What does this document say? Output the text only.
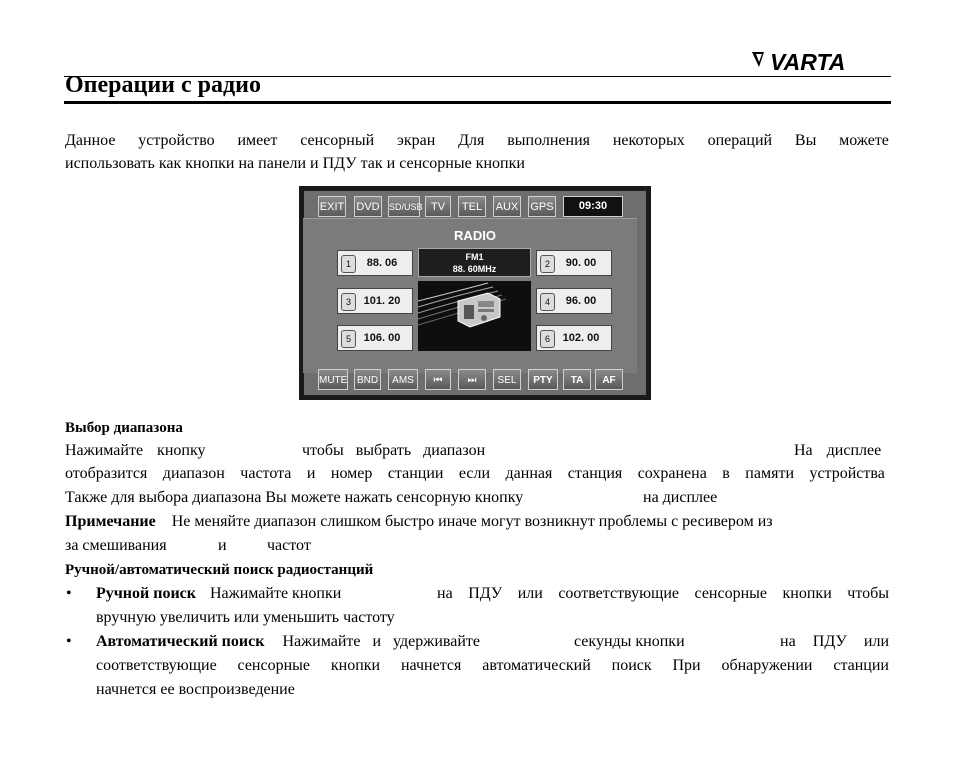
VARTA
Операции с радио
Данное устройство имеет сенсорный экран Для выполнения некоторых операций Вы можете
использовать как кнопки на панели и ПДУ так и сенсорные кнопки
EXIT DVD SD/USB TV	TEL	AUX GPS	09:30
RADIO
1	88. 06
3	101. 20
5	106. 00
2	90. 00
4	96. 00
6	102. 00
FM1
88. 60MHz
MUTE BND	AMS	⏮	⏭	SEL	PTY	TA	AF
Выбор диапазона
Нажимайте кнопку	чтобы выбрать диапазон	На дисплее
отобразится диапазон частота и номер станции если данная станция сохранена в памяти устройства
Также для выбора диапазона Вы можете нажать сенсорную кнопку	на дисплее
Примечание Не меняйте диапазон слишком быстро иначе могут возникнут проблемы с ресивером из
за смешивания	и	частот
Ручной/автоматический поиск радиостанций
• Ручной поиск Нажимайте кнопки	на ПДУ или соответствующие сенсорные кнопки чтобы
вручную увеличить или уменьшить частоту
• Автоматический поиск Нажимайте и удерживайте	секунды кнопки	на ПДУ или
соответствующие сенсорные кнопки начнется автоматический поиск При обнаружении станции
начнется ее воспроизведение
